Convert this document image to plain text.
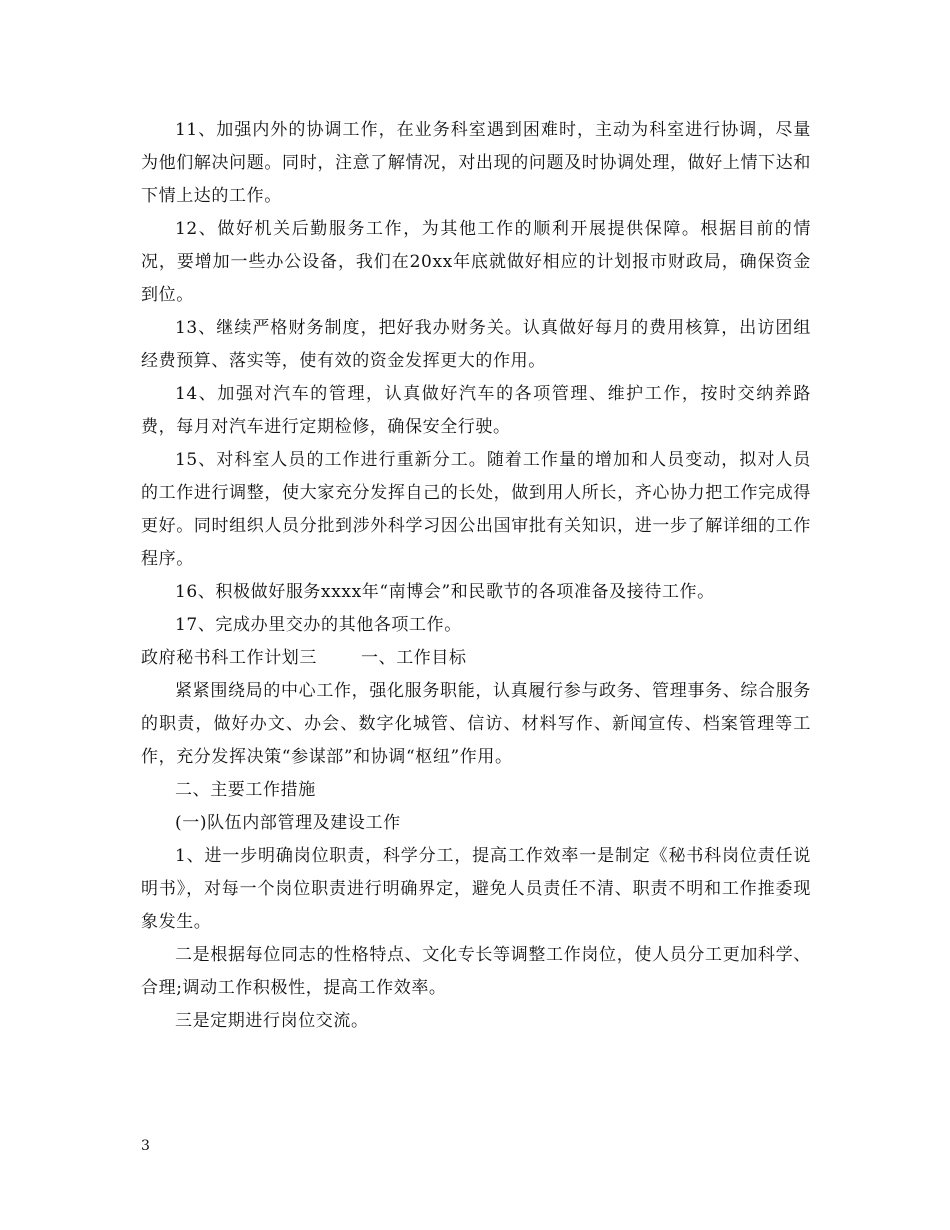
11、加强内外的协调工作，在业务科室遇到困难时，主动为科室进行协调，尽量为他们解决问题。同时，注意了解情况，对出现的问题及时协调处理，做好上情下达和下情上达的工作。

12、做好机关后勤服务工作，为其他工作的顺利开展提供保障。根据目前的情况，要增加一些办公设备，我们在20xx年底就做好相应的计划报市财政局，确保资金到位。

13、继续严格财务制度，把好我办财务关。认真做好每月的费用核算，出访团组经费预算、落实等，使有效的资金发挥更大的作用。

14、加强对汽车的管理，认真做好汽车的各项管理、维护工作，按时交纳养路费，每月对汽车进行定期检修，确保安全行驶。

15、对科室人员的工作进行重新分工。随着工作量的增加和人员变动，拟对人员的工作进行调整，使大家充分发挥自己的长处，做到用人所长，齐心协力把工作完成得更好。同时组织人员分批到涉外科学习因公出国审批有关知识，进一步了解详细的工作程序。

16、积极做好服务xxxx年“南博会”和民歌节的各项准备及接待工作。

17、完成办里交办的其他各项工作。

政府秘书科工作计划三	一、工作目标

紧紧围绕局的中心工作，强化服务职能，认真履行参与政务、管理事务、综合服务的职责，做好办文、办会、数字化城管、信访、材料写作、新闻宣传、档案管理等工作，充分发挥决策“参谋部”和协调“枢纽”作用。

二、主要工作措施

(一)队伍内部管理及建设工作

1、进一步明确岗位职责，科学分工，提高工作效率一是制定《秘书科岗位责任说明书》，对每一个岗位职责进行明确界定，避免人员责任不清、职责不明和工作推委现象发生。

二是根据每位同志的性格特点、文化专长等调整工作岗位，使人员分工更加科学、合理;调动工作积极性，提高工作效率。

三是定期进行岗位交流。

3
